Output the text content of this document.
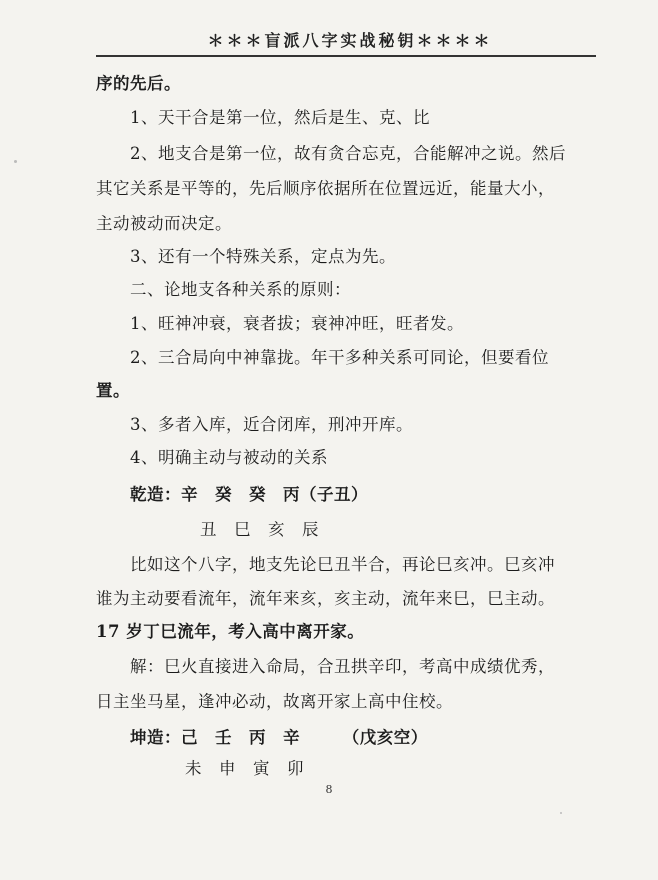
＊＊＊盲派八字实战秘钥＊＊＊＊
序的先后。
1、天干合是第一位，然后是生、克、比
2、地支合是第一位，故有贪合忘克，合能解冲之说。然后
其它关系是平等的，先后顺序依据所在位置远近，能量大小，
主动被动而决定。
3、还有一个特殊关系，定点为先。
二、论地支各种关系的原则：
1、旺神冲衰，衰者拔；衰神冲旺，旺者发。
2、三合局向中神靠拢。年干多种关系可同论，但要看位
置。
3、多者入库，近合闭库，刑冲开库。
4、明确主动与被动的关系
乾造：辛　癸　癸　丙（子丑）
丑　巳　亥　辰
比如这个八字，地支先论巳丑半合，再论巳亥冲。巳亥冲
谁为主动要看流年，流年来亥，亥主动，流年来巳，巳主动。
17 岁丁巳流年，考入高中离开家。
解：巳火直接进入命局，合丑拱辛印，考高中成绩优秀，
日主坐马星，逢冲必动，故离开家上高中住校。
坤造：己　壬　丙　辛　　　（戊亥空）
未　申　寅　卯
8
